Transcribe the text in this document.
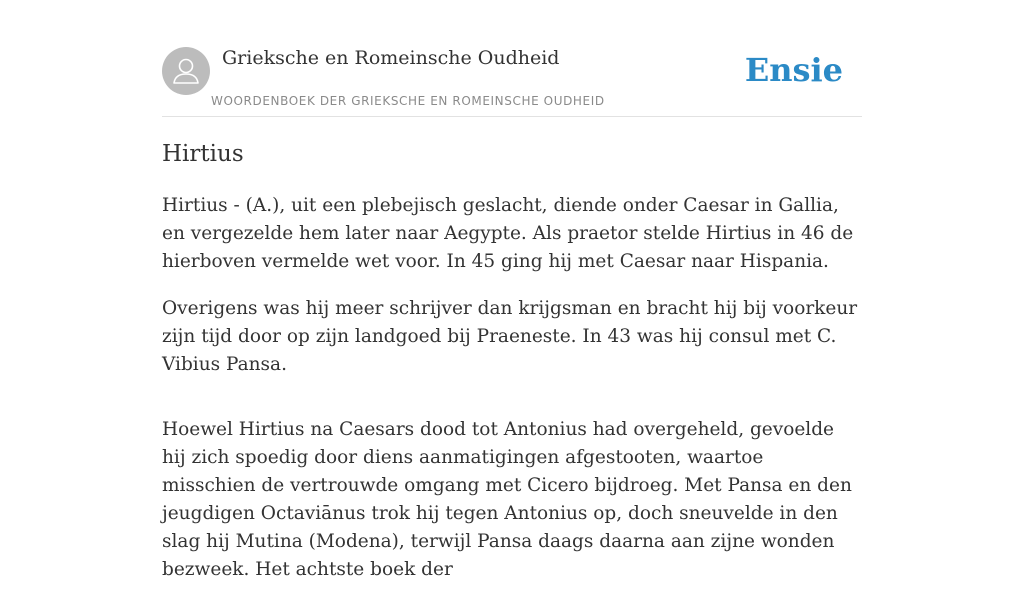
Grieksche en Romeinsche Oudheid
WOORDENBOEK DER GRIEKSCHE EN ROMEINSCHE OUDHEID
Ensie
Hirtius

Hirtius - (A.), uit een plebejisch geslacht, diende onder Caesar in Gallia, en vergezelde hem later naar Aegypte. Als praetor stelde Hirtius in 46 de hierboven vermelde wet voor. In 45 ging hij met Caesar naar Hispania.

Overigens was hij meer schrijver dan krijgsman en bracht hij bij voorkeur zijn tijd door op zijn landgoed bij Praeneste. In 43 was hij consul met C. Vibius Pansa.

Hoewel Hirtius na Caesars dood tot Antonius had overgeheld, gevoelde hij zich spoedig door diens aanmatigingen afgestooten, waartoe misschien de vertrouwde omgang met Cicero bijdroeg. Met Pansa en den jeugdigen Octaviānus trok hij tegen Antonius op, doch sneuvelde in den slag hij Mutina (Modena), terwijl Pansa daags daarna aan zijne wonden bezweek. Het achtste boek der
